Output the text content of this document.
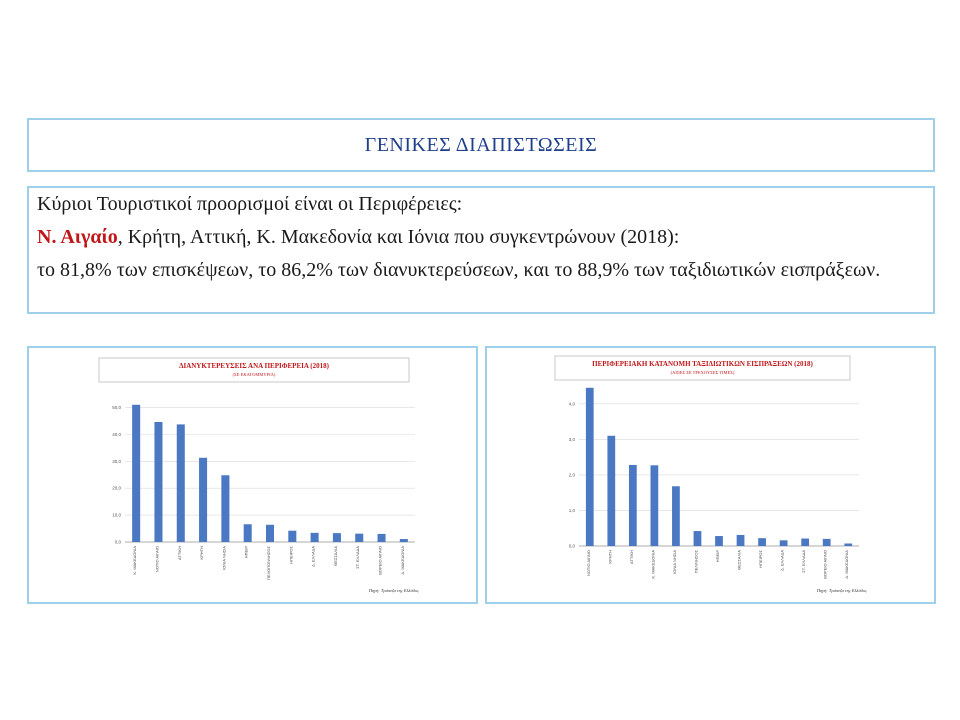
ΓΕΝΙΚΕΣ ΔΙΑΠΙΣΤΩΣΕΙΣ

Κύριοι Τουριστικοί προορισμοί είναι οι Περιφέρειες:

Ν. Αιγαίο, Κρήτη, Αττική, Κ. Μακεδονία και Ιόνια που συγκεντρώνουν (2018):

το 81,8% των επισκέψεων, το 86,2% των διανυκτερεύσεων, και το 88,9% των ταξιδιωτικών εισπράξεων.

ΔΙΑΝΥΚΤΕΡΕΥΣΕΙΣ ΑΝΑ ΠΕΡΙΦΕΡΕΙΑ (2018)
(ΣΕ ΕΚΑΤΟΜΜΥΡΙΑ)
0,0
10,0
20,0
30,0
40,0
50,0
Κ. ΜΑΚΕΔΟΝΙΑ	ΝΟΤΙΟ ΑΙΓΑΙΟ	ΑΤΤΙΚΗ	ΚΡΗΤΗ	ΙΟΝΙΑ ΝΗΣΙΑ	ΗΠΕΙΡ	ΠΕΛΟΠΟΝΝΗΣΟΣ	ΗΠΕΙΡΟΣ	Δ. ΕΛΛΑΔΑ	ΘΕΣΣΑΛΙΑ	ΣΤ. ΕΛΛΑΔΑ	ΒΟΡΕΙΟ ΑΙΓΑΙΟ	Δ. ΜΑΚΕΔΟΝΙΑ
Πηγή: Τράπεζα της Ελλάδος
ΠΕΡΙΦΕΡΕΙΑΚΗ ΚΑΤΑΝΟΜΗ ΤΑΞΙΔΙΩΤΙΚΩΝ ΕΙΣΠΡΑΞΕΩΝ (2018)
(ΑΞΙΕΣ ΣΕ ΤΡΕΧΟΥΣΕΣ ΤΙΜΕΣ)
0,0
1,0
2,0
3,0
4,0
ΝΟΤΙΟ ΑΙΓΑΙΟ	ΚΡΗΤΗ	ΑΤΤΙΚΗ	Κ. ΜΑΚΕΔΟΝΙΑ	ΙΟΝΙΑ ΝΗΣΙΑ	ΠΕΛ/ΝΗΣΟΣ	ΗΠΕΙΡ	ΘΕΣΣΑΛΙΑ	ΗΠΕΙΡΟΣ	Δ. ΕΛΛΑΔΑ	ΣΤ. ΕΛΛΑΔΑ	ΒΟΡΕΙΟ ΑΙΓΑΙΟ	Δ. ΜΑΚΕΔΟΝΙΑ
Πηγή: Τράπεζα της Ελλάδος
